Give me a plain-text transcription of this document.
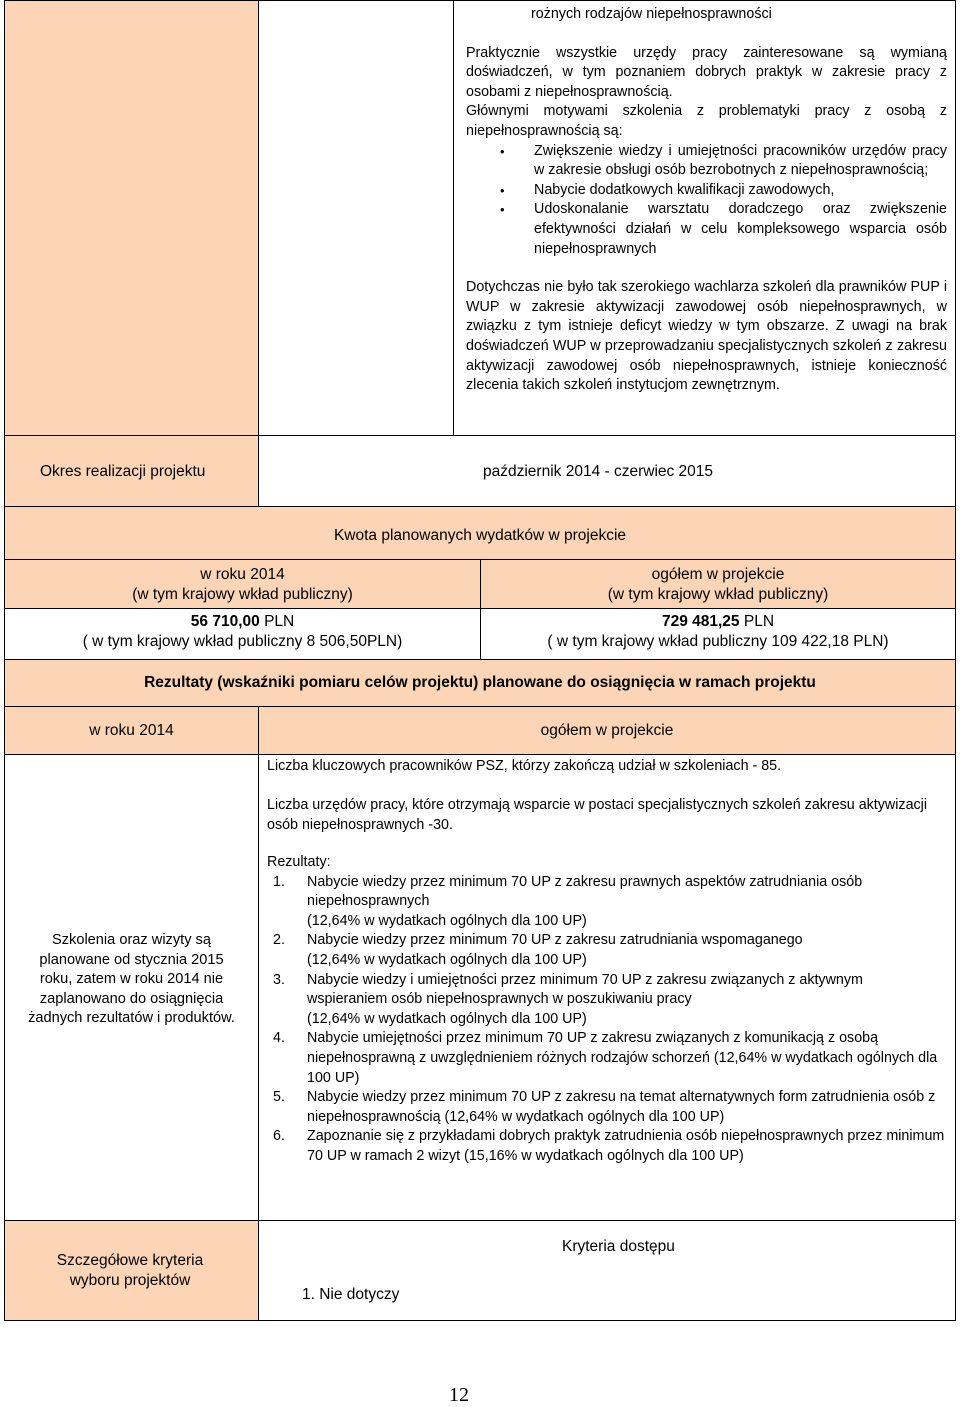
rożnych rodzajów niepełnosprawności
Praktycznie wszystkie urzędy pracy zainteresowane są wymianą doświadczeń, w tym poznaniem dobrych praktyk w zakresie pracy z osobami z niepełnosprawnością.
Głównymi motywami szkolenia z problematyki pracy z osobą z niepełnosprawnością są:
• Zwiększenie wiedzy i umiejętności pracowników urzędów pracy w zakresie obsługi osób bezrobotnych z niepełnosprawnością;
• Nabycie dodatkowych kwalifikacji zawodowych,
• Udoskonalanie warsztatu doradczego oraz zwiększenie efektywności działań w celu kompleksowego wsparcia osób niepełnosprawnych
Dotychczas nie było tak szerokiego wachlarza szkoleń dla prawników PUP i WUP w zakresie aktywizacji zawodowej osób niepełnosprawnych, w związku z tym istnieje deficyt wiedzy w tym obszarze. Z uwagi na brak doświadczeń WUP w przeprowadzaniu specjalistycznych szkoleń z zakresu aktywizacji zawodowej osób niepełnosprawnych, istnieje konieczność zlecenia takich szkoleń instytucjom zewnętrznym.
Okres realizacji projektu	październik 2014 - czerwiec 2015
Kwota planowanych wydatków w projekcie
w roku 2014
(w tym krajowy wkład publiczny)
ogółem w projekcie
(w tym krajowy wkład publiczny)
56 710,00 PLN
( w tym krajowy wkład publiczny 8 506,50PLN)
729 481,25 PLN
( w tym krajowy wkład publiczny 109 422,18 PLN)
Rezultaty (wskaźniki pomiaru celów projektu) planowane do osiągnięcia w ramach projektu
w roku 2014	ogółem w projekcie
Szkolenia oraz wizyty są planowane od stycznia 2015 roku, zatem w roku 2014 nie zaplanowano do osiągnięcia żadnych rezultatów i produktów.
Liczba kluczowych pracowników PSZ, którzy zakończą udział w szkoleniach - 85.
Liczba urzędów pracy, które otrzymają wsparcie w postaci specjalistycznych szkoleń zakresu aktywizacji osób niepełnosprawnych -30.
Rezultaty:
1. Nabycie wiedzy przez minimum 70 UP z zakresu prawnych aspektów zatrudniania osób niepełnosprawnych
(12,64% w wydatkach ogólnych dla 100 UP)
2. Nabycie wiedzy przez minimum 70 UP z zakresu zatrudniania wspomaganego
(12,64% w wydatkach ogólnych dla 100 UP)
3. Nabycie wiedzy i umiejętności przez minimum 70 UP z zakresu związanych z aktywnym wspieraniem osób niepełnosprawnych w poszukiwaniu pracy
(12,64% w wydatkach ogólnych dla 100 UP)
4. Nabycie umiejętności przez minimum 70 UP z zakresu związanych z komunikacją z osobą niepełnosprawną z uwzględnieniem różnych rodzajów schorzeń (12,64% w wydatkach ogólnych dla 100 UP)
5. Nabycie wiedzy przez minimum 70 UP z zakresu na temat alternatywnych form zatrudnienia osób z niepełnosprawnością (12,64% w wydatkach ogólnych dla 100 UP)
6. Zapoznanie się z przykładami dobrych praktyk zatrudnienia osób niepełnosprawnych przez minimum 70 UP w ramach 2 wizyt (15,16% w wydatkach ogólnych dla 100 UP)
Szczegółowe kryteria wyboru projektów
Kryteria dostępu
1. Nie dotyczy
12
